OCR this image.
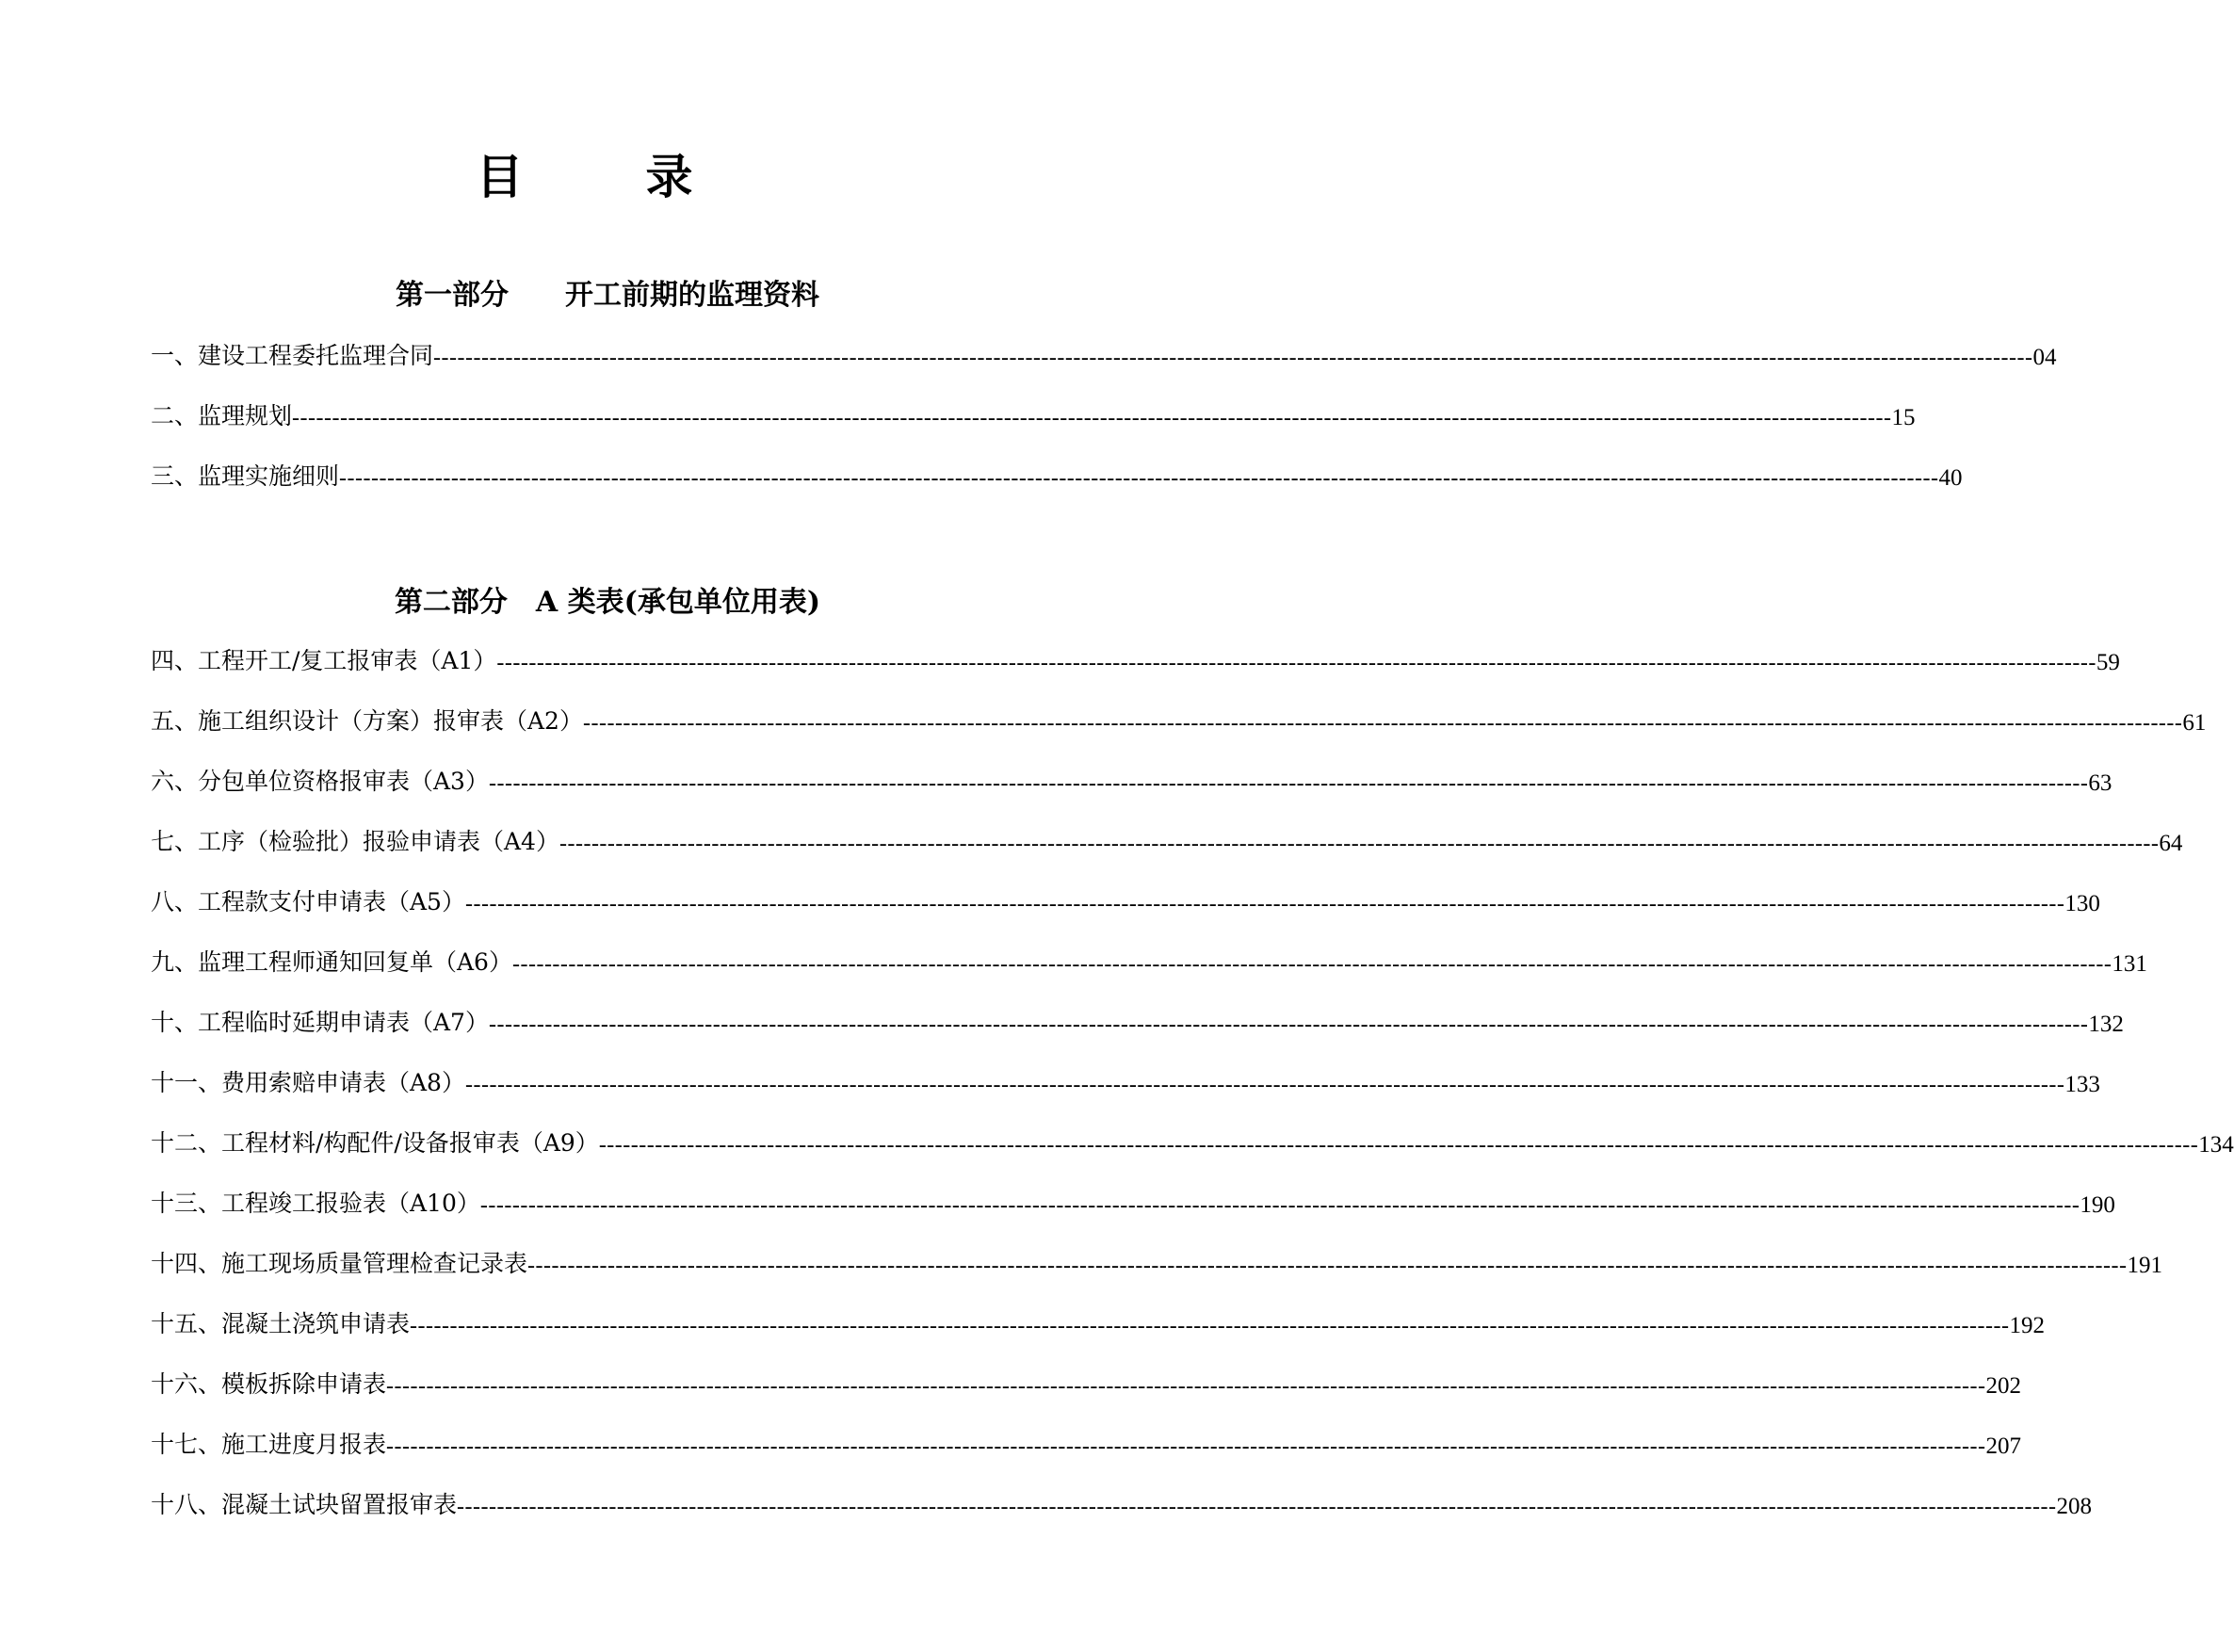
目　录
第一部分　　开工前期的监理资料
一、建设工程委托监理合同 -------------------------------------------------------------------------------------------------------------------------------------------------------------------------------------------------------- 04
二、监理规划 -------------------------------------------------------------------------------------------------------------------------------------------------------------------------------------------------------- 15
三、监理实施细则 -------------------------------------------------------------------------------------------------------------------------------------------------------------------------------------------------------- 40
第二部分　A 类表(承包单位用表)
四、工程开工/复工报审表（A1） -------------------------------------------------------------------------------------------------------------------------------------------------------------------------------------------------------- 59
五、施工组织设计（方案）报审表（A2） -------------------------------------------------------------------------------------------------------------------------------------------------------------------------------------------------------- 61
六、分包单位资格报审表（A3） -------------------------------------------------------------------------------------------------------------------------------------------------------------------------------------------------------- 63
七、工序（检验批）报验申请表（A4） -------------------------------------------------------------------------------------------------------------------------------------------------------------------------------------------------------- 64
八、工程款支付申请表（A5） -------------------------------------------------------------------------------------------------------------------------------------------------------------------------------------------------------- 130
九、监理工程师通知回复单（A6） -------------------------------------------------------------------------------------------------------------------------------------------------------------------------------------------------------- 131
十、工程临时延期申请表（A7） -------------------------------------------------------------------------------------------------------------------------------------------------------------------------------------------------------- 132
十一、费用索赔申请表（A8） -------------------------------------------------------------------------------------------------------------------------------------------------------------------------------------------------------- 133
十二、工程材料/构配件/设备报审表（A9） -------------------------------------------------------------------------------------------------------------------------------------------------------------------------------------------------------- 134
十三、工程竣工报验表（A10） -------------------------------------------------------------------------------------------------------------------------------------------------------------------------------------------------------- 190
十四、施工现场质量管理检查记录表 -------------------------------------------------------------------------------------------------------------------------------------------------------------------------------------------------------- 191
十五、混凝土浇筑申请表 -------------------------------------------------------------------------------------------------------------------------------------------------------------------------------------------------------- 192
十六、模板拆除申请表 -------------------------------------------------------------------------------------------------------------------------------------------------------------------------------------------------------- 202
十七、施工进度月报表 -------------------------------------------------------------------------------------------------------------------------------------------------------------------------------------------------------- 207
十八、混凝土试块留置报审表 -------------------------------------------------------------------------------------------------------------------------------------------------------------------------------------------------------- 208
